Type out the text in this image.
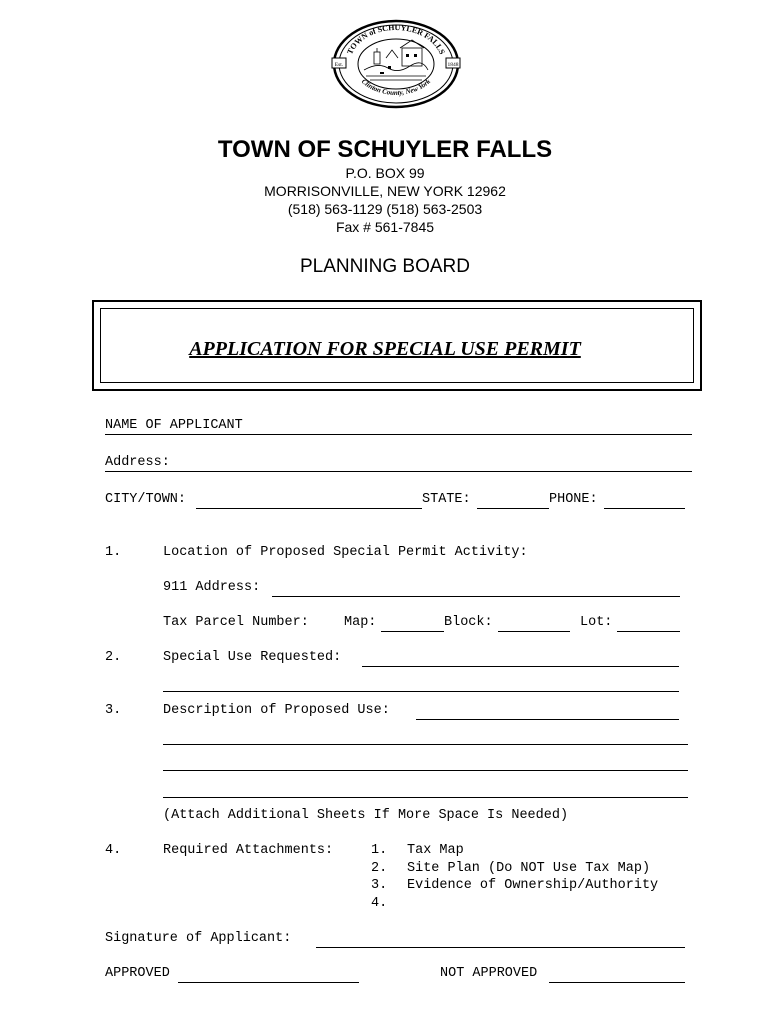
Est.	1848
TOWN of SCHUYLER FALLS
Clinton County, New York
TOWN OF SCHUYLER FALLS
P.O. BOX 99
MORRISONVILLE, NEW YORK 12962
(518) 563-1129 (518) 563-2503
Fax # 561-7845
PLANNING BOARD
APPLICATION FOR SPECIAL USE PERMIT
NAME OF APPLICANT
Address:
CITY/TOWN:	STATE:	PHONE:
1.	Location of Proposed Special Permit Activity:
911 Address:
Tax Parcel Number:	Map:	Block:	Lot:
2.	Special Use Requested:
3.	Description of Proposed Use:
(Attach Additional Sheets If More Space Is Needed)
4.	Required Attachments:	1. Tax Map
2. Site Plan (Do NOT Use Tax Map)
3. Evidence of Ownership/Authority
4.
Signature of Applicant:
APPROVED	NOT APPROVED
